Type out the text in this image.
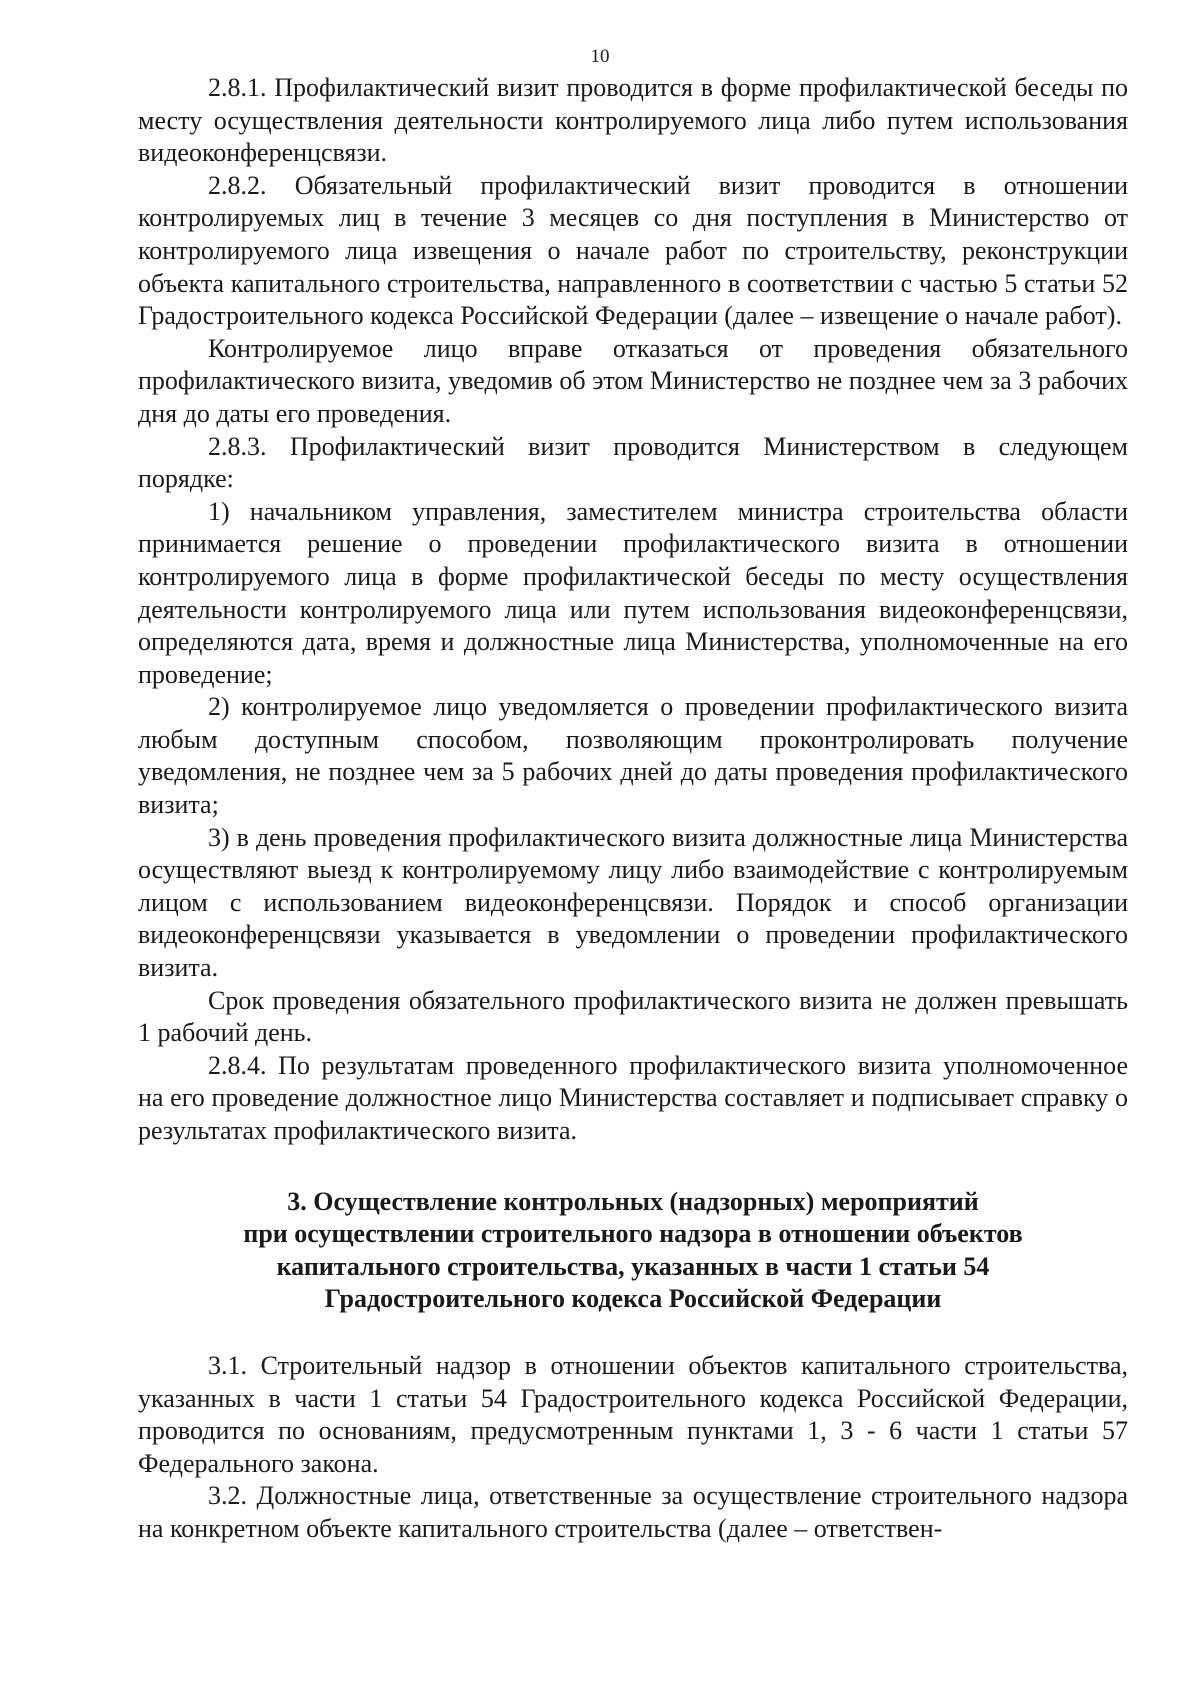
10

2.8.1. Профилактический визит проводится в форме профилактической беседы по месту осуществления деятельности контролируемого лица либо путем использования видеоконференцсвязи.

2.8.2. Обязательный профилактический визит проводится в отношении контролируемых лиц в течение 3 месяцев со дня поступления в Министерство от контролируемого лица извещения о начале работ по строительству, реконструкции объекта капитального строительства, направленного в соответствии с частью 5 статьи 52 Градостроительного кодекса Российской Федерации (далее – извещение о начале работ).

Контролируемое лицо вправе отказаться от проведения обязательного профилактического визита, уведомив об этом Министерство не позднее чем за 3 рабочих дня до даты его проведения.

2.8.3. Профилактический визит проводится Министерством в следующем порядке:

1) начальником управления, заместителем министра строительства области принимается решение о проведении профилактического визита в отношении контролируемого лица в форме профилактической беседы по месту осуществления деятельности контролируемого лица или путем использования видеоконференцсвязи, определяются дата, время и должностные лица Министерства, уполномоченные на его проведение;

2) контролируемое лицо уведомляется о проведении профилактического визита любым доступным способом, позволяющим проконтролировать получение уведомления, не позднее чем за 5 рабочих дней до даты проведения профилактического визита;

3) в день проведения профилактического визита должностные лица Министерства осуществляют выезд к контролируемому лицу либо взаимодействие с контролируемым лицом с использованием видеоконференцсвязи. Порядок и способ организации видеоконференцсвязи указывается в уведомлении о проведении профилактического визита.

Срок проведения обязательного профилактического визита не должен превышать 1 рабочий день.

2.8.4. По результатам проведенного профилактического визита уполномоченное на его проведение должностное лицо Министерства составляет и подписывает справку о результатах профилактического визита.

3. Осуществление контрольных (надзорных) мероприятий
при осуществлении строительного надзора в отношении объектов
капитального строительства, указанных в части 1 статьи 54
Градостроительного кодекса Российской Федерации

3.1. Строительный надзор в отношении объектов капитального строительства, указанных в части 1 статьи 54 Градостроительного кодекса Российской Федерации, проводится по основаниям, предусмотренным пунктами 1, 3 - 6 части 1 статьи 57 Федерального закона.

3.2. Должностные лица, ответственные за осуществление строительного надзора на конкретном объекте капитального строительства (далее – ответствен-
